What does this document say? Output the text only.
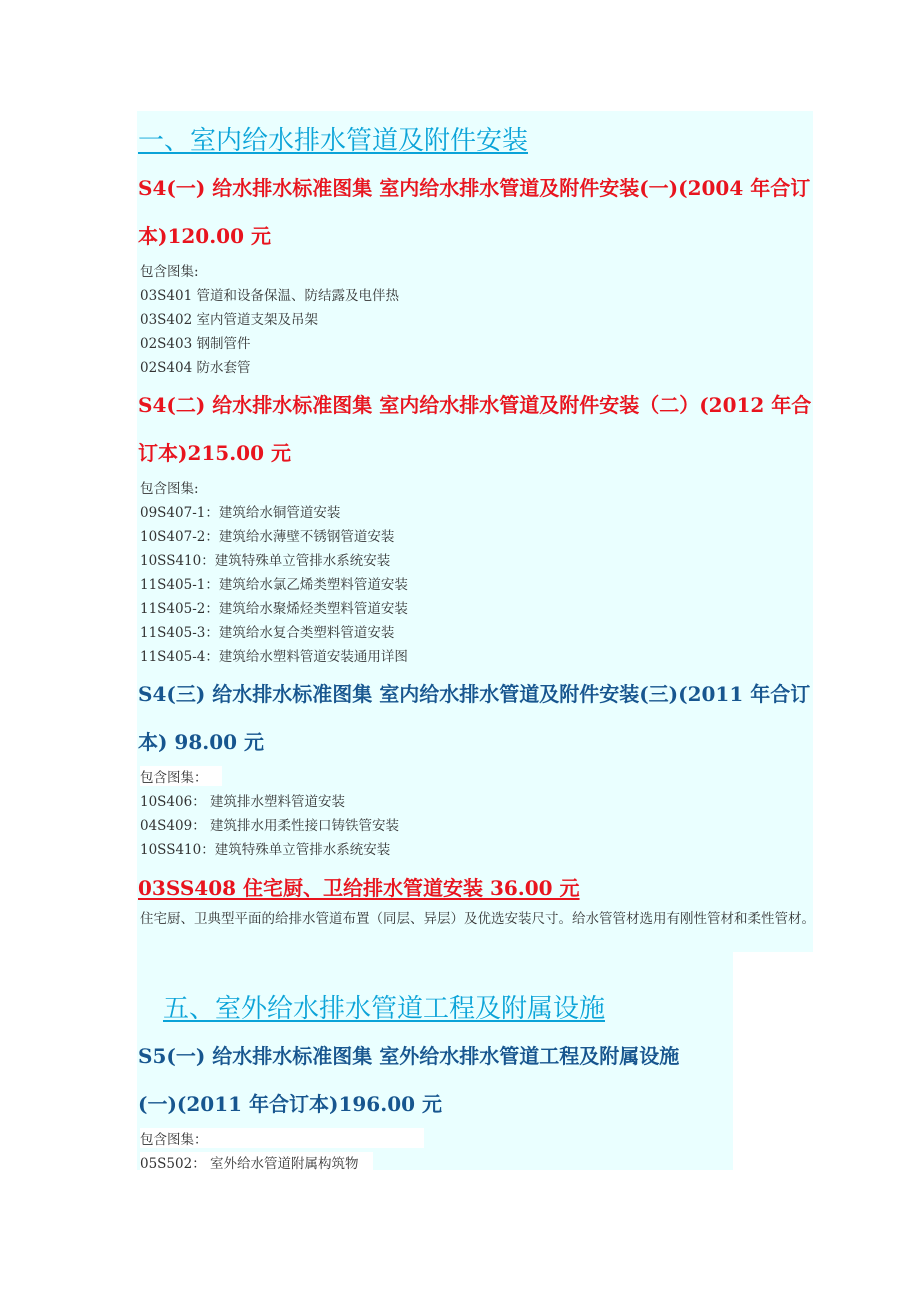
一、室内给水排水管道及附件安装
S4(一) 给水排水标准图集 室内给水排水管道及附件安装(一)(2004 年合订
本)120.00 元
包含图集:
03S401 管道和设备保温、防结露及电伴热
03S402 室内管道支架及吊架
02S403 钢制管件
02S404 防水套管
S4(二) 给水排水标准图集 室内给水排水管道及附件安装（二）(2012 年合
订本)215.00 元
包含图集:
09S407-1：建筑给水铜管道安装
10S407-2：建筑给水薄壁不锈钢管道安装
10SS410：建筑特殊单立管排水系统安装
11S405-1：建筑给水氯乙烯类塑料管道安装
11S405-2：建筑给水聚烯烃类塑料管道安装
11S405-3：建筑给水复合类塑料管道安装
11S405-4：建筑给水塑料管道安装通用详图
S4(三) 给水排水标准图集 室内给水排水管道及附件安装(三)(2011 年合订
本) 98.00 元
包含图集：
10S406： 建筑排水塑料管道安装
04S409： 建筑排水用柔性接口铸铁管安装
10SS410：建筑特殊单立管排水系统安装
03SS408 住宅厨、卫给排水管道安装 36.00 元
住宅厨、卫典型平面的给排水管道布置（同层、异层）及优选安装尺寸。给水管管材选用有刚性管材和柔性管材。
五、室外给水排水管道工程及附属设施
S5(一) 给水排水标准图集 室外给水排水管道工程及附属设施
(一)(2011 年合订本)196.00 元
包含图集：
05S502： 室外给水管道附属构筑物
